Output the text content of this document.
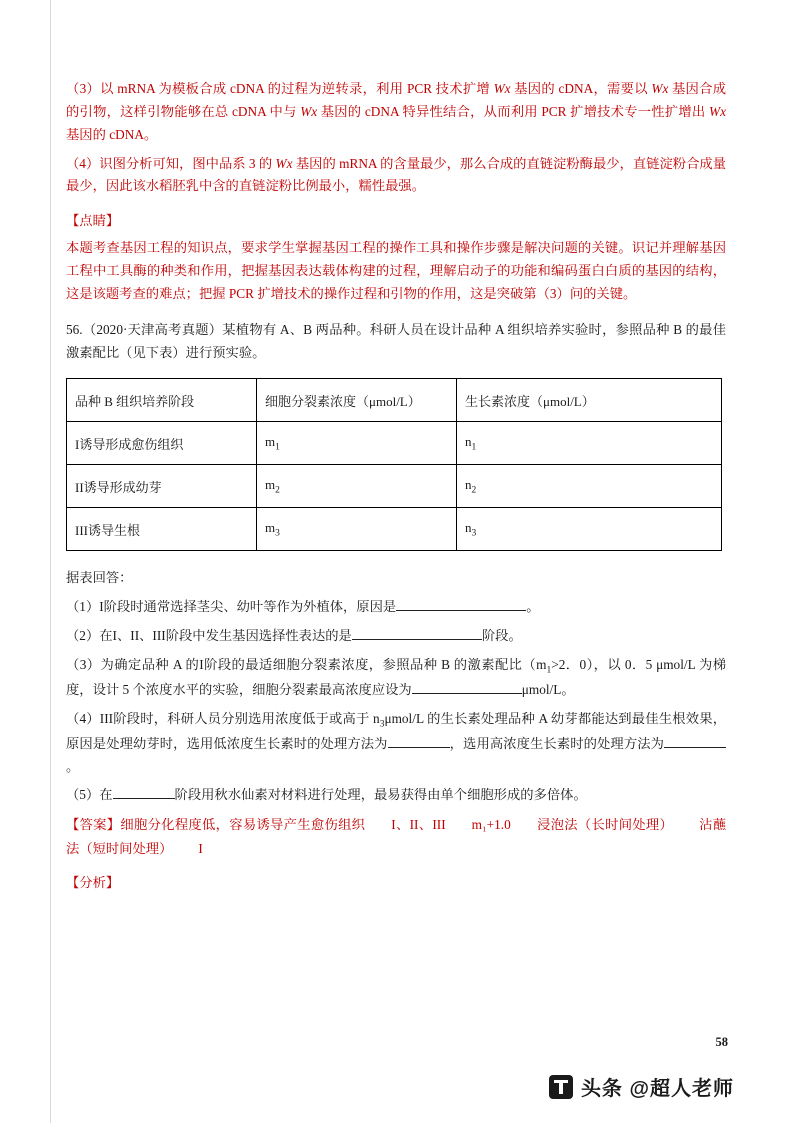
（3）以 mRNA 为模板合成 cDNA 的过程为逆转录，利用 PCR 技术扩增 Wx 基因的 cDNA，需要以 Wx 基因合成的引物，这样引物能够在总 cDNA 中与 Wx 基因的 cDNA 特异性结合，从而利用 PCR 扩增技术专一性扩增出 Wx 基因的 cDNA。

（4）识图分析可知，图中品系 3 的 Wx 基因的 mRNA 的含量最少，那么合成的直链淀粉酶最少，直链淀粉合成量最少，因此该水稻胚乳中含的直链淀粉比例最小，糯性最强。

【点睛】

本题考查基因工程的知识点，要求学生掌握基因工程的操作工具和操作步骤是解决问题的关键。识记并理解基因工程中工具酶的种类和作用，把握基因表达载体构建的过程，理解启动子的功能和编码蛋白白质的基因的结构，这是该题考查的难点；把握 PCR 扩增技术的操作过程和引物的作用，这是突破第（3）问的关键。

56.（2020·天津高考真题）某植物有 A、B 两品种。科研人员在设计品种 A 组织培养实验时，参照品种 B 的最佳激素配比（见下表）进行预实验。

品种 B 组织培养阶段	细胞分裂素浓度（μmol/L）	生长素浓度（μmol/L）
I诱导形成愈伤组织	$m_1$	$n_1$
II诱导形成幼芽	$m_2$	$n_2$
III诱导生根	$m_3$	$n_3$

据表回答：

（1）I阶段时通常选择茎尖、幼叶等作为外植体，原因是	。

（2）在I、II、III阶段中发生基因选择性表达的是	阶段。

（3）为确定品种 A 的I阶段的最适细胞分裂素浓度，参照品种 B 的激素配比（$m_1>2$．0），以 0．5 μmol/L 为梯度，设计 5 个浓度水平的实验，细胞分裂素最高浓度应设为	μmol/L。

（4）III阶段时，科研人员分别选用浓度低于或高于 $n_3\mu mol/L$ 的生长素处理品种 A 幼芽都能达到最佳生根效果，原因是处理幼芽时，选用低浓度生长素时的处理方法为	，选用高浓度生长素时的处理方法为。

（5）在	阶段用秋水仙素对材料进行处理，最易获得由单个细胞形成的多倍体。

【答案】细胞分化程度低，容易诱导产生愈伤组织 I、II、III m₁+1.0 浸泡法（长时间处理） 沾蘸法（短时间处理） I

【分析】

58
头条 @超人老师
